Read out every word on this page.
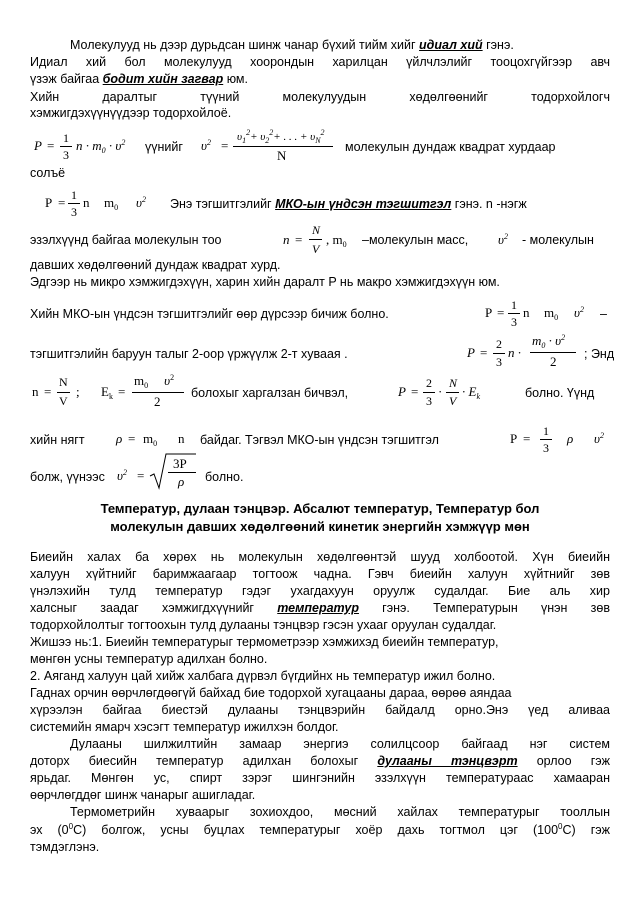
Молекулууд нь дээр дурьдсан шинж чанар бүхий тийм хийг идиал хий гэнэ.
Идиал хий бол молекулууд хоорондын харилцан үйлчлэлийг тооцохгүйгээр авч
үзэж байгаа бодит хийн загвар юм.
Хийн даралтыг түүний молекулуудын хөдөлгөөнийг тодорхойлогч
хэмжигдэхүүнүүдээр тодорхойлоё.
P = 1
3
$n \cdot m_0 \cdot \upsilon^2$ үүнийг $\upsilon^2$ =
$\upsilon_1^2+ \upsilon_2^2+$ . . . + $\upsilon_N^2$
N
молекулын дундаж квадрат хурдаар
солъё
P = 1
3
n $m_0$ $\upsilon^2$ Энэ тэгшитгэлийг МКО-ын үндсэн тэгшитгэл гэнэ. n -нэгж
эзэлхүүнд байгаа молекулын тоо	n =
N
V
, $m_0$ –молекулын масс, $\upsilon^2$ - молекулын
давших хөдөлгөөний дундаж квадрат хурд.
Эдгээр нь микро хэмжигдэхүүн, харин хийн даралт P нь макро хэмжигдэхүүн юм.
Хийн МКО-ын үндсэн тэгшитгэлийг өөр дүрсээр бичиж болно.	P = 1
3
n $m_0$ $\upsilon^2$ –
тэгшитгэлийн баруун талыг 2-оор үржүүлж 2-т хуваая .	P =
2
3
n ·
$m_0 \cdot \upsilon^2$
2 ; Энд
n =
N
V
; $E_k$ =
$m_0$ $\upsilon^2$
2
болохыг харгалзан бичвэл,	P =
2
3
·
N
V
· $E_k$	болно. Үүнд
хийн нягт $\rho = m_0$ n байдаг. Тэгвэл МКО-ын үндсэн тэгшитгэл	P = 1
3
ρ $\upsilon^2$
болж, үүнээс $\upsilon^2$ =
3P
ρ болно.
Температур, дулаан тэнцвэр. Абсалют температур, Температур бол
молекулын давших хөдөлгөөний кинетик энергийн хэмжүүр мөн
Биеийн халах ба хөрөх нь молекулын хөдөлгөөнтэй шууд холбоотой. Хүн биеийн
халуун хүйтнийг баримжаагаар тогтоож чадна. Гэвч биеийн халуун хүйтнийг зөв
үнэлэхийн тулд температур гэдэг ухагдахуун оруулж судалдаг. Бие аль хир
халсныг заадаг хэмжигдхүүнийг температур гэнэ. Температурын үнэн зөв
тодорхойлолтыг тогтоохын тулд дулааны тэнцвэр гэсэн ухааг оруулан судалдаг.
Жишээ нь:1. Биеийн температурыг термометрээр хэмжихэд биеийн температур,
мөнгөн усны температур адилхан болно.
2. Аяганд халуун цай хийж халбага дүрвэл бүгдийнх нь температур ижил болно.
Гаднах орчин өөрчлөгдөөгүй байхад бие тодорхой хугацааны дараа, өөрөө аяндаа
хүрээлэн байгаа биестэй дулааны тэнцвэрийн байдалд орно.Энэ үед аливаа
системийн ямарч хэсэгт температур ижилхэн болдог.
Дулааны шилжилтийн замаар энергиэ солилцсоор байгаад нэг систем
доторх биесийн температур адилхан болохыг дулааны тэнцвэрт орлоо гэж
ярьдаг. Мөнгөн ус, спирт зэрэг шингэнийн эзэлхүүн температураас хамааран
өөрчлөгддөг шинж чанарыг ашигладаг.
Термометрийн хуваарыг зохиохдоо, мөсний хайлах температурыг тооллын
эх $(0^0С)$ болгож, усны буцлах температурыг хоёр дахь тогтмол цэг $(100^0С)$ гэж
тэмдэглэнэ.
